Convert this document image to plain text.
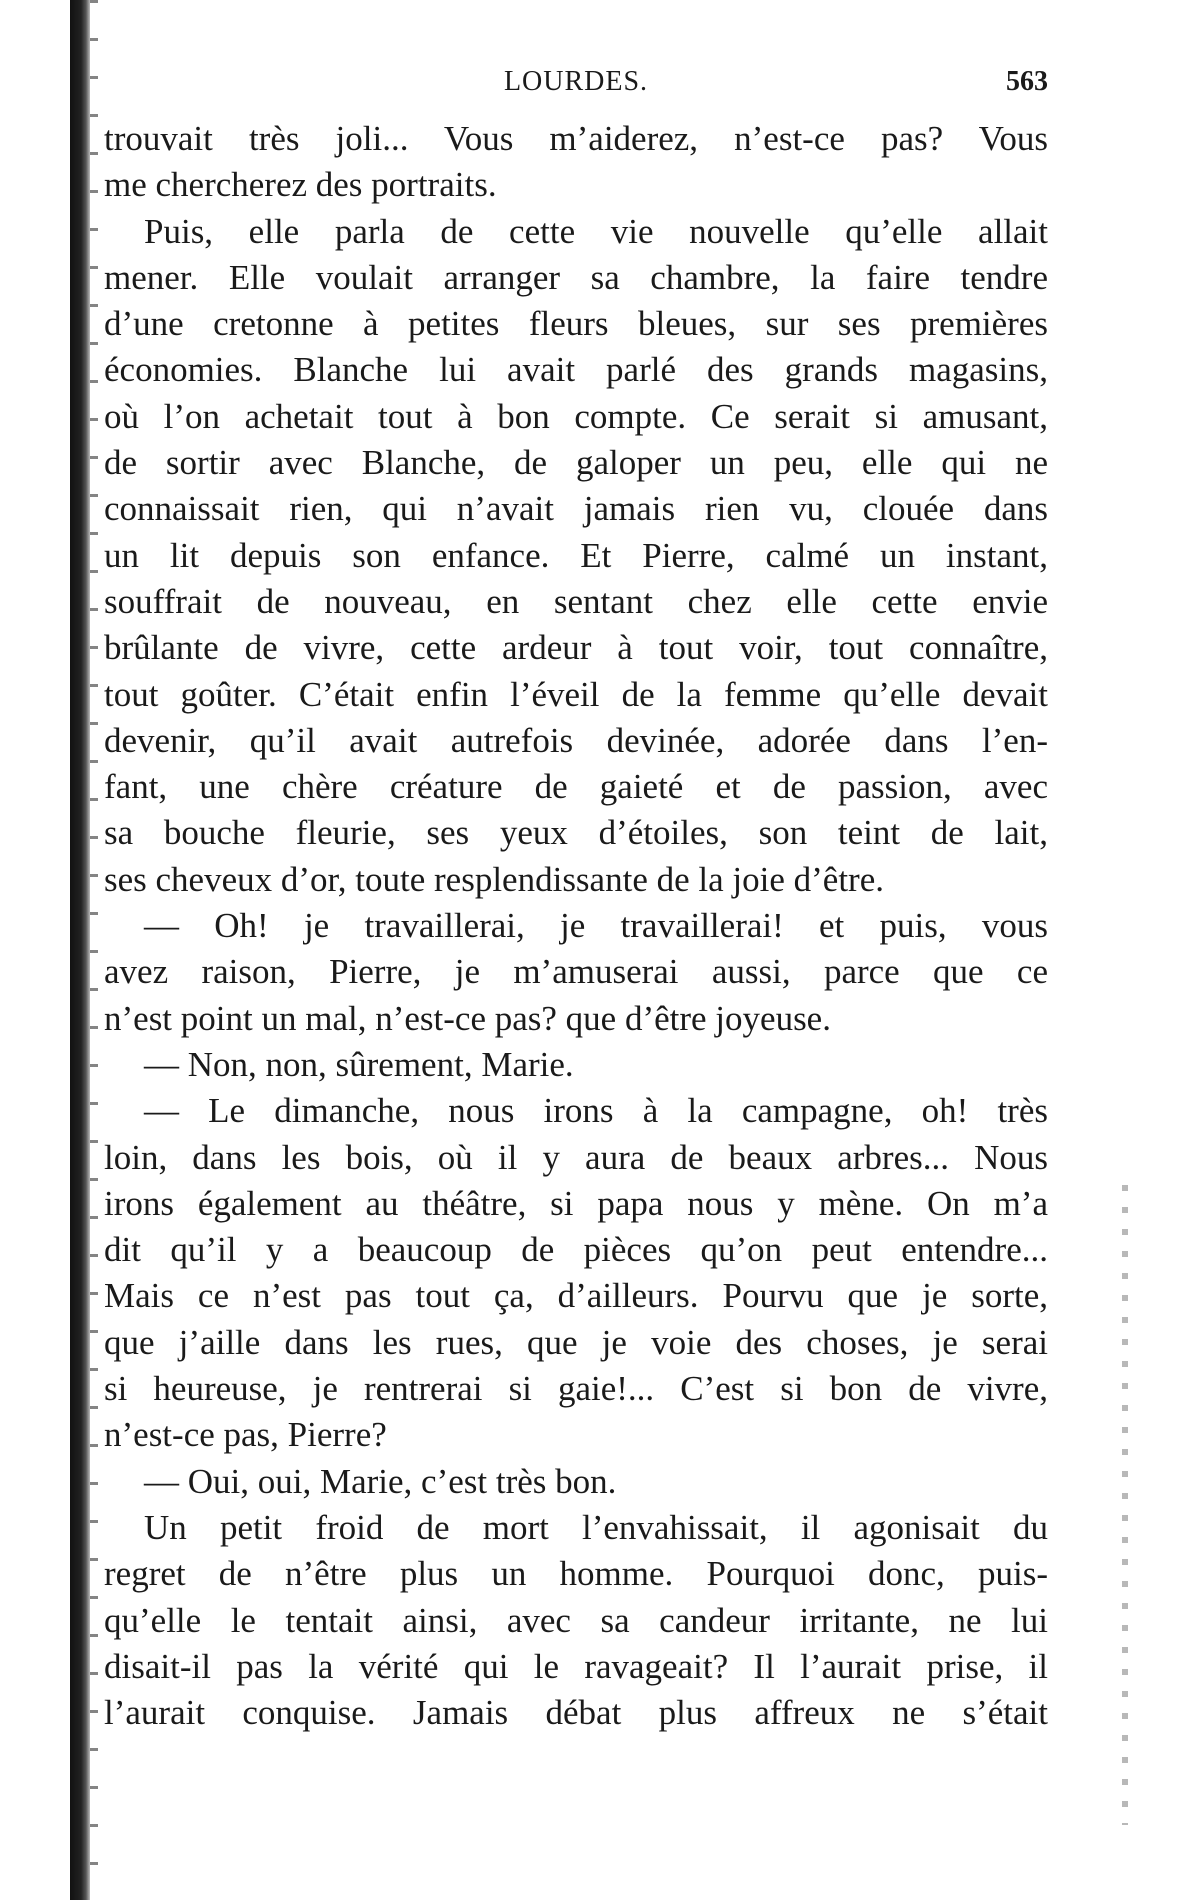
LOURDES.	563
trouvait très joli... Vous m’aiderez, n’est-ce pas? Vous
me chercherez des portraits.
Puis, elle parla de cette vie nouvelle qu’elle allait
mener. Elle voulait arranger sa chambre, la faire tendre
d’une cretonne à petites fleurs bleues, sur ses premières
économies. Blanche lui avait parlé des grands magasins,
où l’on achetait tout à bon compte. Ce serait si amusant,
de sortir avec Blanche, de galoper un peu, elle qui ne
connaissait rien, qui n’avait jamais rien vu, clouée dans
un lit depuis son enfance. Et Pierre, calmé un instant,
souffrait de nouveau, en sentant chez elle cette envie
brûlante de vivre, cette ardeur à tout voir, tout connaître,
tout goûter. C’était enfin l’éveil de la femme qu’elle devait
devenir, qu’il avait autrefois devinée, adorée dans l’en-
fant, une chère créature de gaieté et de passion, avec
sa bouche fleurie, ses yeux d’étoiles, son teint de lait,
ses cheveux d’or, toute resplendissante de la joie d’être.
— Oh! je travaillerai, je travaillerai! et puis, vous
avez raison, Pierre, je m’amuserai aussi, parce que ce
n’est point un mal, n’est-ce pas? que d’être joyeuse.
— Non, non, sûrement, Marie.
— Le dimanche, nous irons à la campagne, oh! très
loin, dans les bois, où il y aura de beaux arbres... Nous
irons également au théâtre, si papa nous y mène. On m’a
dit qu’il y a beaucoup de pièces qu’on peut entendre...
Mais ce n’est pas tout ça, d’ailleurs. Pourvu que je sorte,
que j’aille dans les rues, que je voie des choses, je serai
si heureuse, je rentrerai si gaie!... C’est si bon de vivre,
n’est-ce pas, Pierre?
— Oui, oui, Marie, c’est très bon.
Un petit froid de mort l’envahissait, il agonisait du
regret de n’être plus un homme. Pourquoi donc, puis-
qu’elle le tentait ainsi, avec sa candeur irritante, ne lui
disait-il pas la vérité qui le ravageait? Il l’aurait prise, il
l’aurait conquise. Jamais débat plus affreux ne s’était
